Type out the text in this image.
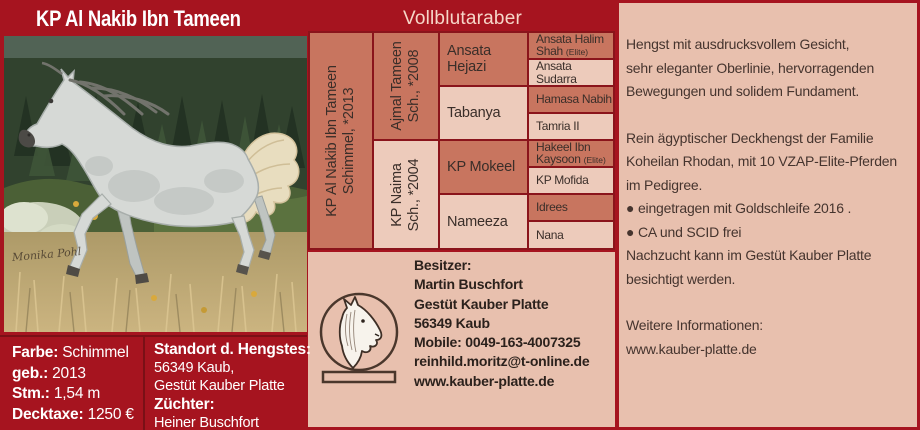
KP Al Nakib Ibn Tameen	Vollblutaraber
Monika Pohl
KP Al Nakib Ibn Tameen Schimmel, *2013
Ajmal Tameen Sch., *2008
KP Naima Sch., *2004
Ansata Hejazi
Tabanya
KP Mokeel
Nameeza
Ansata Halim Shah (Elite)
Ansata Sudarra
Hamasa Nabih
Tamria II
Hakeel Ibn Kaysoon (Elite)
KP Mofida
Idrees
Nana
Besitzer:
Martin Buschfort
Gestüt Kauber Platte
56349 Kaub
Mobile: 0049-163-4007325
reinhild.moritz@t-online.de
www.kauber-platte.de
Hengst mit ausdrucksvollem Gesicht,
sehr eleganter Oberlinie, hervorragenden
Bewegungen und solidem Fundament.
Rein ägyptischer Deckhengst der Familie
Koheilan Rhodan, mit 10 VZAP-Elite-Pferden
im Pedigree.
● eingetragen mit Goldschleife 2016 .
● CA und SCID frei
Nachzucht kann im Gestüt Kauber Platte
besichtigt werden.
Weitere Informationen:
www.kauber-platte.de
Farbe: Schimmel
geb.: 2013
Stm.: 1,54 m
Decktaxe: 1250 €
Standort d. Hengstes:
56349 Kaub,
Gestüt Kauber Platte
Züchter:
Heiner Buschfort
